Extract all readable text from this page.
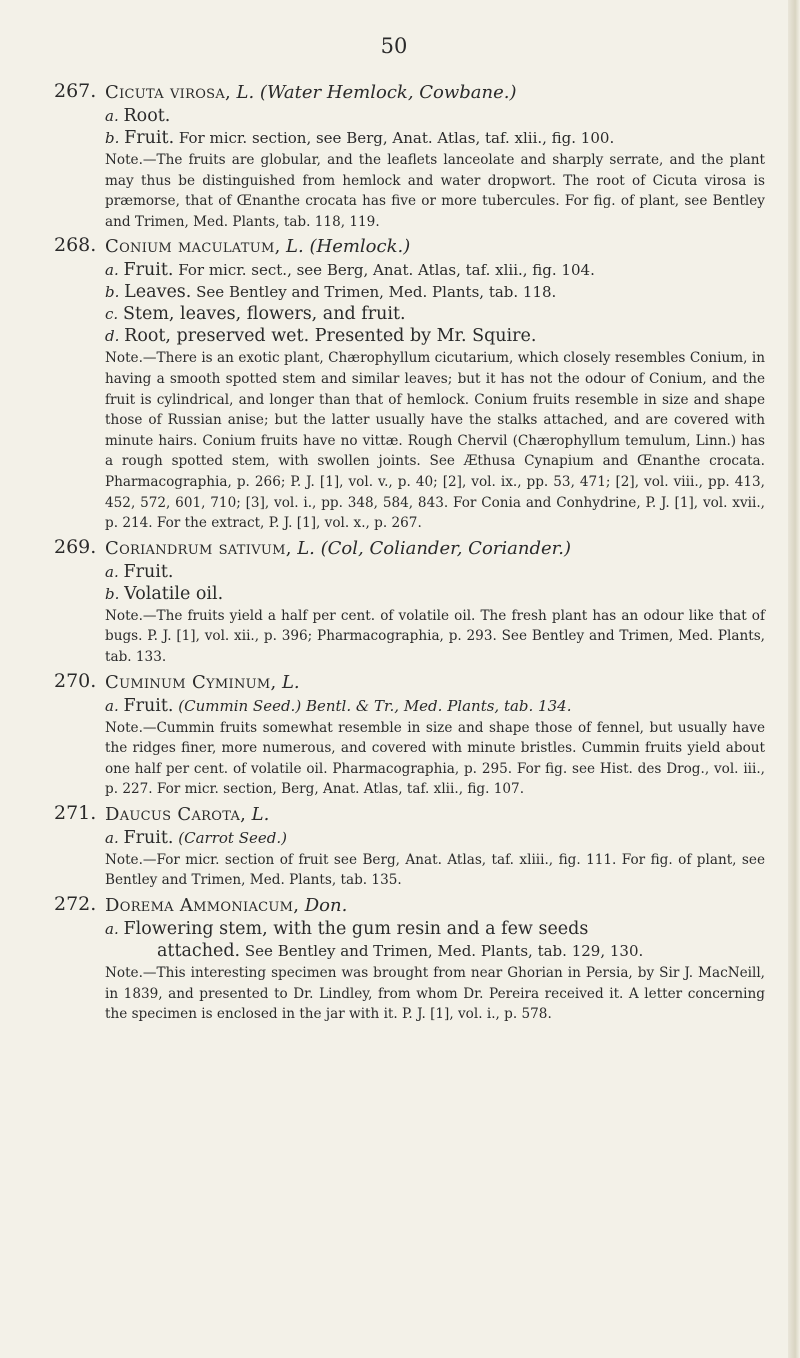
50
267. Cicuta virosa, L. (Water Hemlock, Cowbane.)
a. Root.
b. Fruit. For micr. section, see Berg, Anat. Atlas, taf. xlii., fig. 100.
Note.—The fruits are globular, and the leaflets lanceolate and sharply serrate, and the plant may thus be distinguished from hemlock and water dropwort. The root of Cicuta virosa is præmorse, that of Œnanthe crocata has five or more tubercules. For fig. of plant, see Bentley and Trimen, Med. Plants, tab. 118, 119.
268. Conium maculatum, L. (Hemlock.)
a. Fruit. For micr. sect., see Berg, Anat. Atlas, taf. xlii., fig. 104.
b. Leaves. See Bentley and Trimen, Med. Plants, tab. 118.
c. Stem, leaves, flowers, and fruit.
d. Root, preserved wet. Presented by Mr. Squire.
Note.—There is an exotic plant, Chærophyllum cicutarium, which closely resembles Conium, in having a smooth spotted stem and similar leaves; but it has not the odour of Conium, and the fruit is cylindrical, and longer than that of hemlock. Conium fruits resemble in size and shape those of Russian anise; but the latter usually have the stalks attached, and are covered with minute hairs. Conium fruits have no vittæ. Rough Chervil (Chærophyllum temulum, Linn.) has a rough spotted stem, with swollen joints. See Æthusa Cynapium and Œnanthe crocata. Pharmacographia, p. 266; P. J. [1], vol. v., p. 40; [2], vol. ix., pp. 53, 471; [2], vol. viii., pp. 413, 452, 572, 601, 710; [3], vol. i., pp. 348, 584, 843. For Conia and Conhydrine, P. J. [1], vol. xvii., p. 214. For the extract, P. J. [1], vol. x., p. 267.
269. Coriandrum sativum, L. (Col, Coliander, Coriander.)
a. Fruit.
b. Volatile oil.
Note.—The fruits yield a half per cent. of volatile oil. The fresh plant has an odour like that of bugs. P. J. [1], vol. xii., p. 396; Pharmacographia, p. 293. See Bentley and Trimen, Med. Plants, tab. 133.
270. Cuminum Cyminum, L.
a. Fruit. (Cummin Seed.) Bentl. & Tr., Med. Plants, tab. 134.
Note.—Cummin fruits somewhat resemble in size and shape those of fennel, but usually have the ridges finer, more numerous, and covered with minute bristles. Cummin fruits yield about one half per cent. of volatile oil. Pharmacographia, p. 295. For fig. see Hist. des Drog., vol. iii., p. 227. For micr. section, Berg, Anat. Atlas, taf. xlii., fig. 107.
271. Daucus Carota, L.
a. Fruit. (Carrot Seed.)
Note.—For micr. section of fruit see Berg, Anat. Atlas, taf. xliii., fig. 111. For fig. of plant, see Bentley and Trimen, Med. Plants, tab. 135.
272. Dorema Ammoniacum, Don.
a. Flowering stem, with the gum resin and a few seeds
attached. See Bentley and Trimen, Med. Plants, tab. 129, 130.
Note.—This interesting specimen was brought from near Ghorian in Persia, by Sir J. MacNeill, in 1839, and presented to Dr. Lindley, from whom Dr. Pereira received it. A letter concerning the specimen is enclosed in the jar with it. P. J. [1], vol. i., p. 578.
